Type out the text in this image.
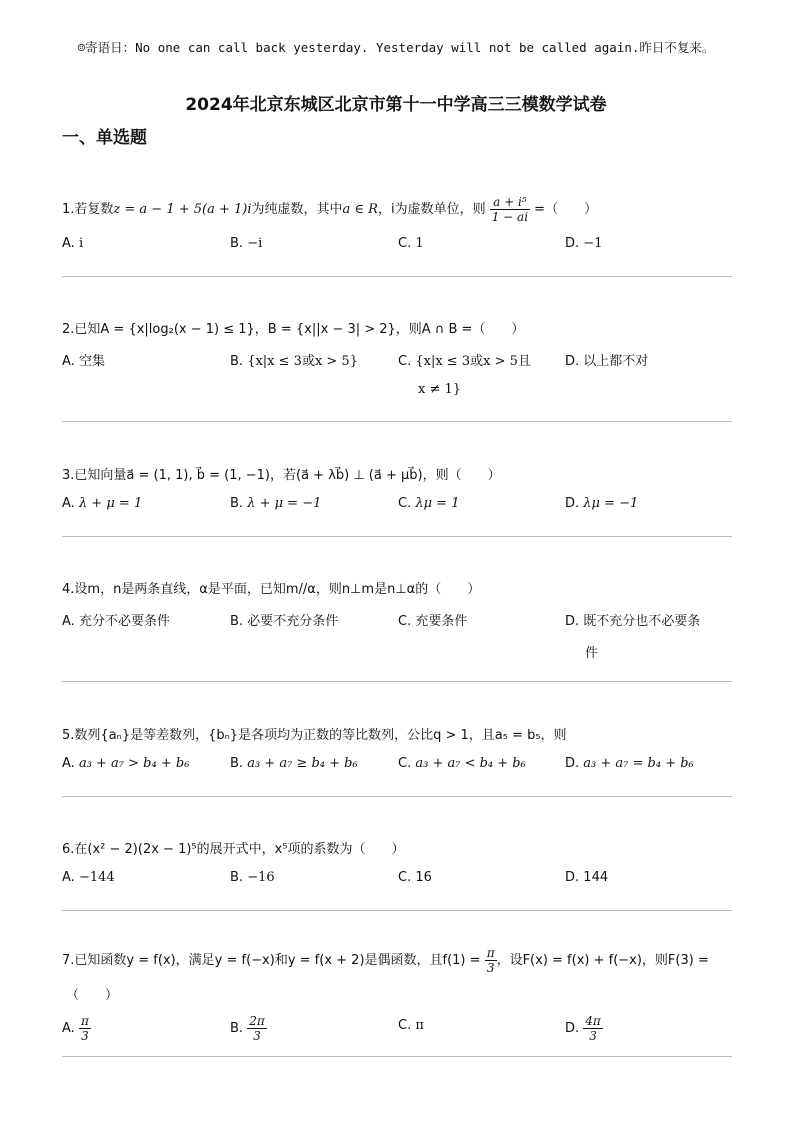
☺寄语日：No one can call back yesterday. Yesterday will not be called again.昨日不复来。
2024年北京东城区北京市第十一中学高三三模数学试卷
一、单选题
1.若复数z = a − 1 + 5(a + 1)i为纯虚数，其中a ∈ R，i为虚数单位，则 $\frac{\text{a + i⁵}}{1 - ai}$ =（　　）
A. i	B. −i	C. 1	D. −1
2.已知A = {x|log₂(x − 1) ≤ 1}，B = {x||x − 3| > 2}，则A ∩ B =（　　）
A. 空集	B. {x|x ≤ 3或x > 5}	C. {x|x ≤ 3或x > 5且
x ≠ 1}
D. 以上都不对
3.已知向量a⃗ = (1, 1), b⃗ = (1, −1)，若(a⃗ + λb⃗) ⊥ (a⃗ + μb⃗)，则（　　）
A. λ + μ = 1	B. λ + μ = −1	C. λμ = 1	D. λμ = −1
4.设m，n是两条直线，α是平面，已知m//α，则n⊥m是n⊥α的（　　）
A. 充分不必要条件	B. 必要不充分条件	C. 充要条件	D. 既不充分也不必要条
件
5.数列{aₙ}是等差数列，{bₙ}是各项均为正数的等比数列，公比q > 1，且a₅ = b₅，则
A. a₃ + a₇ > b₄ + b₆	B. a₃ + a₇ ≥ b₄ + b₆	C. a₃ + a₇ < b₄ + b₆	D. a₃ + a₇ = b₄ + b₆
6.在(x² − 2)(2x − 1)⁵的展开式中，x⁵项的系数为（　　）
A. −144	B. −16	C. 16	D. 144
7.已知函数y = f(x)，满足y = f(−x)和y = f(x + 2)是偶函数，且$f(1) = \frac{\pi}{3}$ ，设F(x) = f(x) + f(−x)，则F(3) =
（　　）
A. $\frac{\pi}{3}$	B. $\frac{2\pi}{3}$	C. π	D. $\frac{4\pi}{3}$
